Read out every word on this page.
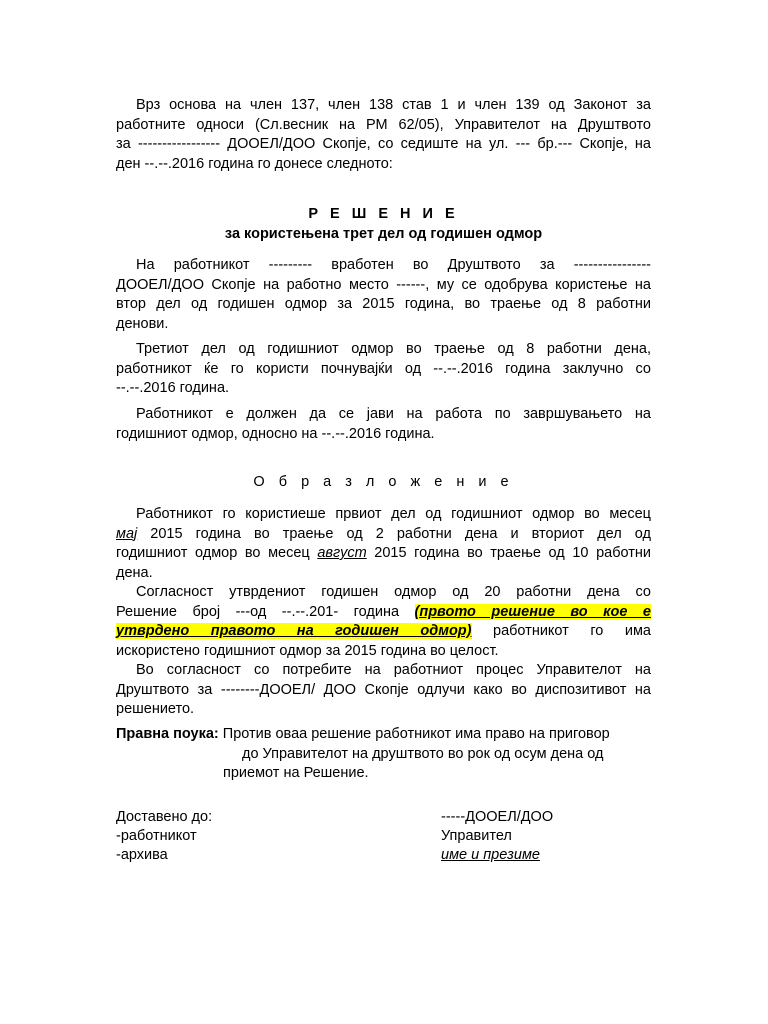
Врз основа на член 137, член 138 став 1 и член 139 од Законот за

работните односи (Сл.весник на РМ 62/05), Управителот на Друштвото

за ----------------- ДООЕЛ/ДОО Скопје, со седиште на ул. --- бр.--- Скопје, на

ден --.--.2016 година го донесе следното:

Р Е Ш Е Н И Е

за користењена трет дел од годишен одмор

На работникот --------- вработен во Друштвото за ----------------

ДООЕЛ/ДОО Скопје на работно место ------, му се одобрува користење на

втор дел од годишен одмор за 2015 година, во траење од 8 работни

денови.

Третиот дел од годишниот одмор во траење од 8 работни дена,

работникот ќе го користи почнувајќи од --.--.2016 година заклучно со

--.--.2016 година.

Работникот е должен да се јави на работа по завршувањето на

годишниот одмор, односно на --.--.2016 година.

О б р а з л о ж е н и е

Работникот го користиеше првиот дел од годишниот одмор во месец

мај 2015 година во траење од 2 работни дена и вториот дел од

годишниот одмор во месец август 2015 година во траење од 10 работни

дена.

Согласност утврдениот годишен одмор од 20 работни дена со

Решение број ---од --.--.201- година (првото решение во кое е

утврдено правото на годишен одмор) работникот го има

искористено годишниот одмор за 2015 година во целост.

Во согласност со потребите на работниот процес Управителот на

Друштвото за --------ДООЕЛ/ ДОО Скопје одлучи како во диспозитивот на

решението.

Правна поука: Против оваа решение работникот има право на приговор

до Управителот на друштвото во рок од осум дена од

приемот на Решение.

Доставено до:

-работникот

-архива

-----ДООЕЛ/ДОО

Управител

име и презиме
